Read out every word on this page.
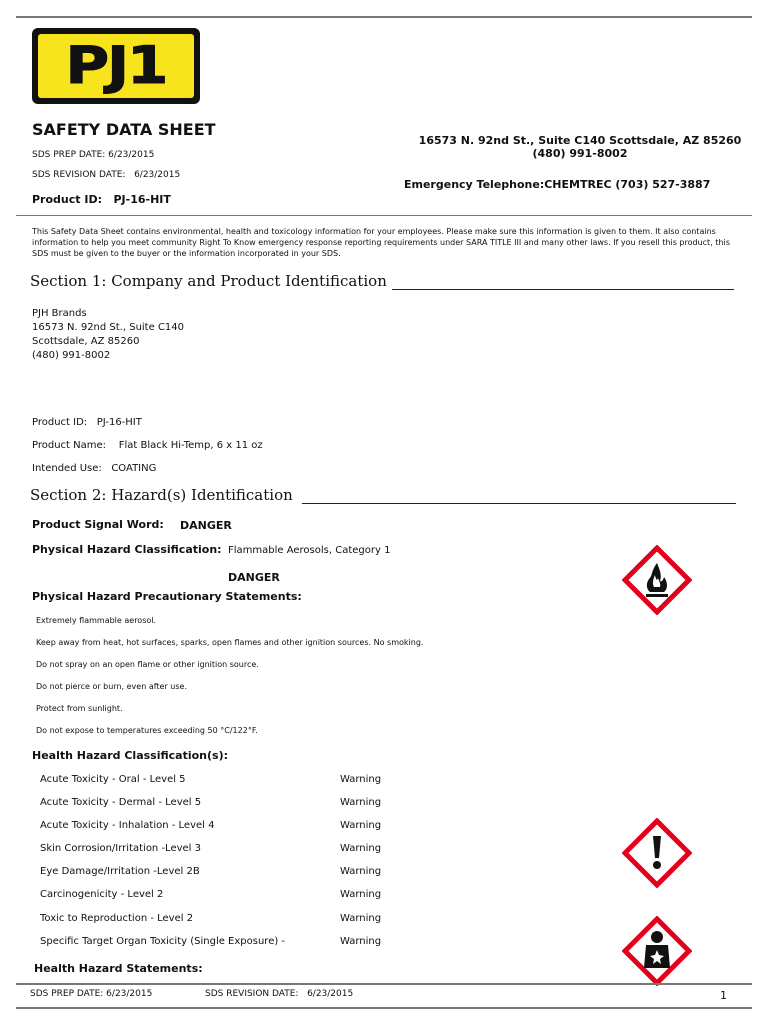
PJ1
SAFETY DATA SHEET
SDS PREP DATE: 6/23/2015
SDS REVISION DATE: 6/23/2015
Product ID: PJ-16-HIT
16573 N. 92nd St., Suite C140 Scottsdale, AZ 85260
(480) 991-8002
Emergency Telephone:CHEMTREC (703) 527-3887
This Safety Data Sheet contains environmental, health and toxicology information for your employees. Please make sure this information is given to them. It also contains information to help you meet community Right To Know emergency response reporting requirements under SARA TITLE III and many other laws. If you resell this product, this SDS must be given to the buyer or the information incorporated in your SDS.
Section 1: Company and Product Identification
PJH Brands
16573 N. 92nd St., Suite C140
Scottsdale, AZ 85260
(480) 991-8002
Product ID: PJ-16-HIT
Product Name: Flat Black Hi-Temp, 6 x 11 oz
Intended Use: COATING
Section 2: Hazard(s) Identification
Product Signal Word: DANGER
Physical Hazard Classification: Flammable Aerosols, Category 1
DANGER
Physical Hazard Precautionary Statements:
Extremely flammable aerosol.
Keep away from heat, hot surfaces, sparks, open flames and other ignition sources. No smoking.
Do not spray on an open flame or other ignition source.
Do not pierce or burn, even after use.
Protect from sunlight.
Do not expose to temperatures exceeding 50 °C/122°F.
Health Hazard Classification(s):
Acute Toxicity - Oral - Level 5	Warning
Acute Toxicity - Dermal - Level 5	Warning
Acute Toxicity - Inhalation - Level 4	Warning
Skin Corrosion/Irritation -Level 3	Warning
Eye Damage/Irritation -Level 2B	Warning
Carcinogenicity - Level 2	Warning
Toxic to Reproduction - Level 2	Warning
Specific Target Organ Toxicity (Single Exposure) -	Warning
Health Hazard Statements:
SDS PREP DATE: 6/23/2015	SDS REVISION DATE: 6/23/2015	1
